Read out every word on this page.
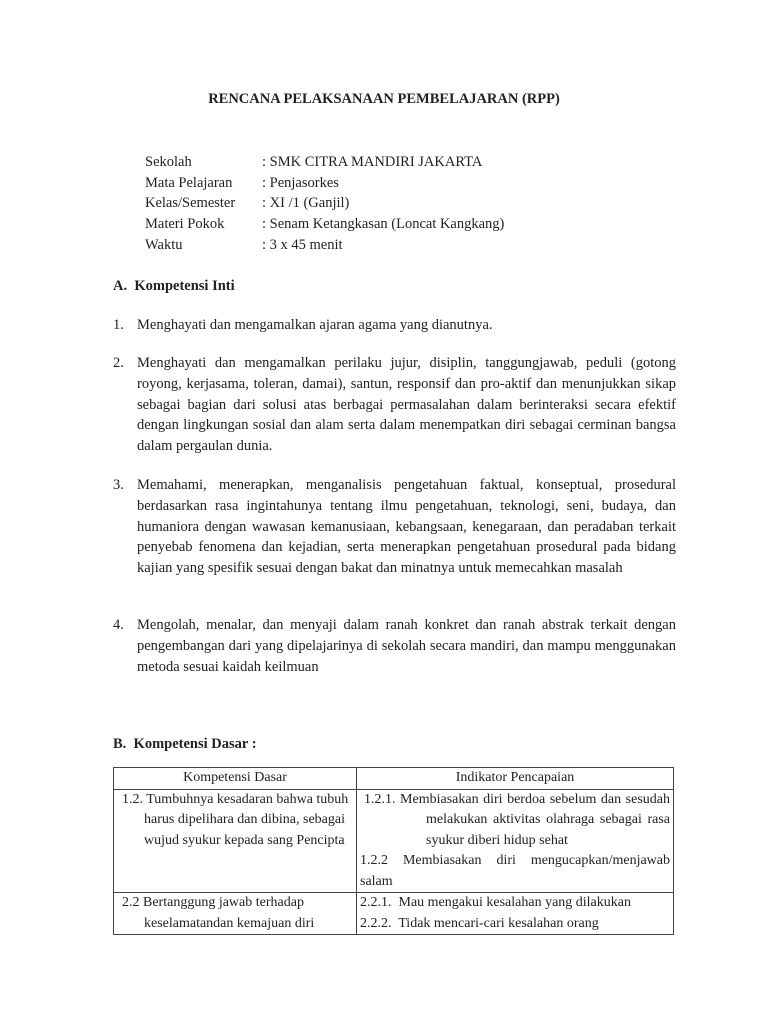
RENCANA PELAKSANAAN PEMBELAJARAN (RPP)
Sekolah	: SMK CITRA MANDIRI JAKARTA
Mata Pelajaran	: Penjasorkes
Kelas/Semester	: XI /1 (Ganjil)
Materi Pokok	: Senam Ketangkasan (Loncat Kangkang)
Waktu	: 3 x 45 menit
A.  Kompetensi Inti
1. Menghayati dan mengamalkan ajaran agama yang dianutnya.
2. Menghayati dan mengamalkan perilaku jujur, disiplin, tanggungjawab, peduli (gotong royong, kerjasama, toleran, damai), santun, responsif dan pro-aktif dan menunjukkan sikap sebagai bagian dari solusi atas berbagai permasalahan dalam berinteraksi secara efektif dengan lingkungan sosial dan alam serta dalam menempatkan diri sebagai cerminan bangsa dalam pergaulan dunia.
3. Memahami, menerapkan, menganalisis pengetahuan faktual, konseptual, prosedural berdasarkan rasa ingintahunya tentang ilmu pengetahuan, teknologi, seni, budaya, dan humaniora dengan wawasan kemanusiaan, kebangsaan, kenegaraan, dan peradaban terkait penyebab fenomena dan kejadian, serta menerapkan pengetahuan prosedural pada bidang kajian yang spesifik sesuai dengan bakat dan minatnya untuk memecahkan masalah
4. Mengolah, menalar, dan menyaji dalam ranah konkret dan ranah abstrak terkait dengan pengembangan dari yang dipelajarinya di sekolah secara mandiri, dan mampu menggunakan metoda sesuai kaidah keilmuan
B.  Kompetensi Dasar :
Kompetensi Dasar	Indikator Pencapaian
1.2. Tumbuhnya kesadaran bahwa tubuh harus dipelihara dan dibina, sebagai wujud syukur kepada sang Pencipta	1.2.1. Membiasakan diri berdoa sebelum dan sesudah melakukan aktivitas olahraga sebagai rasa syukur diberi hidup sehat
1.2.2 Membiasakan diri mengucapkan/menjawab salam

2.2 Bertanggung jawab terhadap keselamatandan kemajuan diri	2.2.1.  Mau mengakui kesalahan yang dilakukan
2.2.2.  Tidak mencari-cari kesalahan orang
